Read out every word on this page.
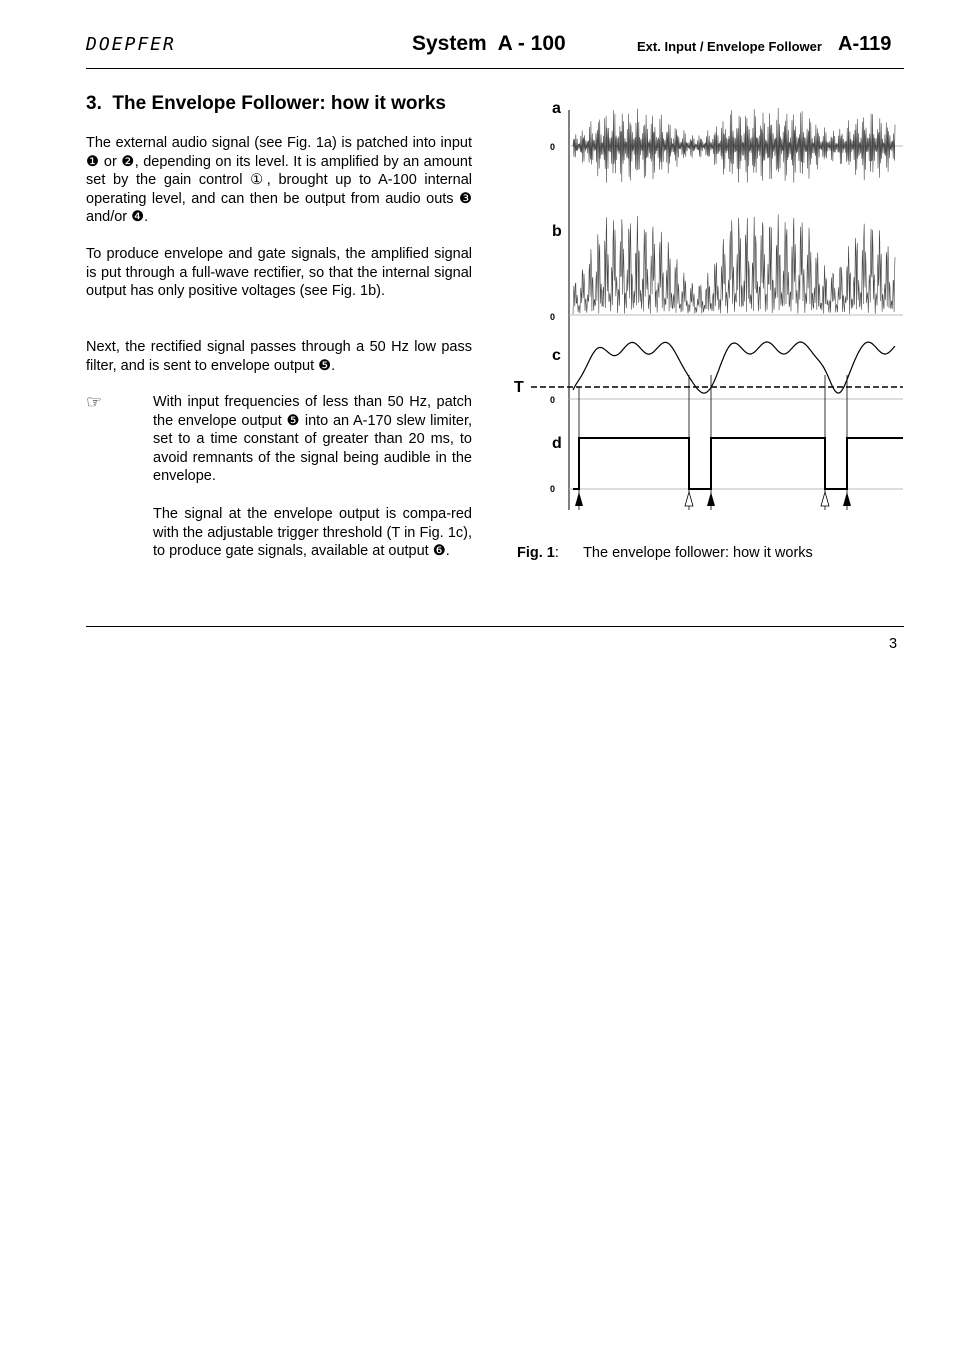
DOEPFER	System  A - 100	Ext. Input / Envelope Follower A-119
3.  The Envelope Follower: how it works

The external audio signal (see Fig. 1a) is patched into input ❶ or ❷, depending on its level. It is amplified by an amount set by the gain control ①, brought up to A-100 internal operating level, and can then be output from audio outs ❸ and/or ❹.

To produce envelope and gate signals, the amplified signal is put through a full-wave rectifier, so that the internal signal output has only positive voltages (see Fig. 1b).

Next, the rectified signal passes through a 50 Hz low pass filter, and is sent to envelope output ❺.

☞	With input frequencies of less than 50 Hz, patch the envelope output ❺ into an A-170 slew limiter, set to a time constant of greater than 20 ms, to avoid remnants of the signal being audible in the envelope.

The signal at the envelope output is compa-red with the adjustable trigger threshold (T in Fig. 1c), to produce gate signals, available at output ❻.

a
b
c
d
0
0
0
0
T
Fig. 1:      The envelope follower: how it works
3
